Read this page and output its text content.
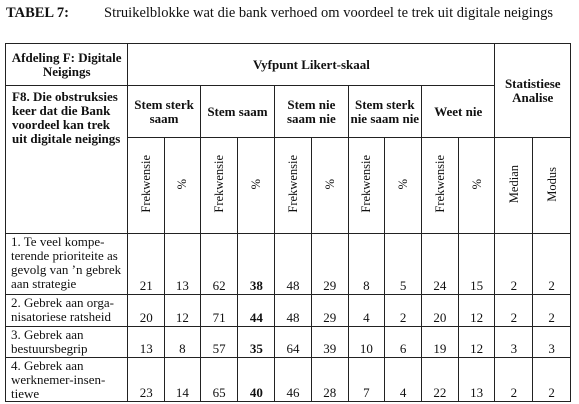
TABEL 7: Struikelblokke wat die bank verhoed om voordeel te trek uit digitale neigings
Afdeling F: Digitale Neigings	Vyfpunt Likert-skaal										Statistiese Analise	
F8. Die obstruksies keer dat die Bank voordeel kan trek uit digitale neigings	Stem sterk saam		Stem saam		Stem nie saam nie		Stem sterk nie saam nie		Weet nie			
	Frekwensie	%	Frekwensie	%	Frekwensie	%	Frekwensie	%	Frekwensie	%	Median	Modus
1. Te veel kompe-terende prioriteite as gevolg van ’n gebrek aan strategie	21	13	62	38	48	29	8	5	24	15	2	2
2. Gebrek aan orga-nisatoriese ratsheid	20	12	71	44	48	29	4	2	20	12	2	2
3. Gebrek aan bestuursbegrip	13	8	57	35	64	39	10	6	19	12	3	3
4. Gebrek aan werknemer-insen-tiewe	23	14	65	40	46	28	7	4	22	13	2	2
